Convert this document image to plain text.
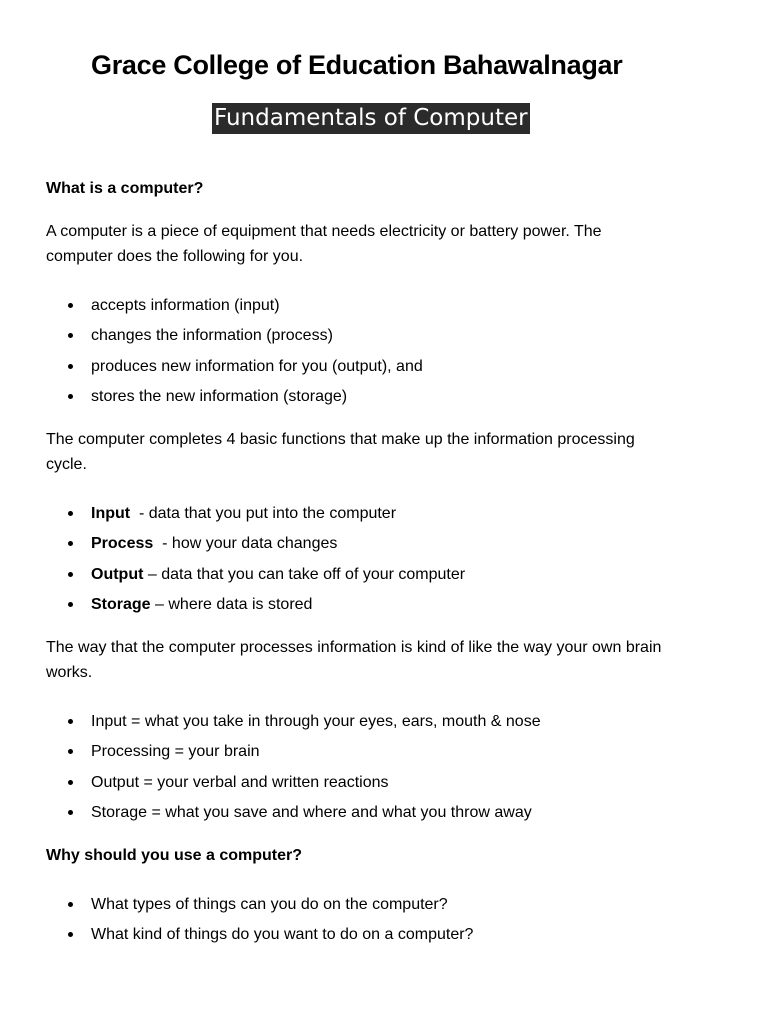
Grace College of Education Bahawalnagar
Fundamentals of Computer
What is a computer?
A computer is a piece of equipment that needs electricity or battery power. The computer does the following for you.
accepts information (input)
changes the information (process)
produces new information for you (output), and
stores the new information (storage)
The computer completes 4 basic functions that make up the information processing cycle.
Input  - data that you put into the computer
Process  - how your data changes
Output – data that you can take off of your computer
Storage – where data is stored
The way that the computer processes information is kind of like the way your own brain works.
Input = what you take in through your eyes, ears, mouth & nose
Processing = your brain
Output = your verbal and written reactions
Storage = what you save and where and what you throw away
Why should you use a computer?
What types of things can you do on the computer?
What kind of things do you want to do on a computer?
